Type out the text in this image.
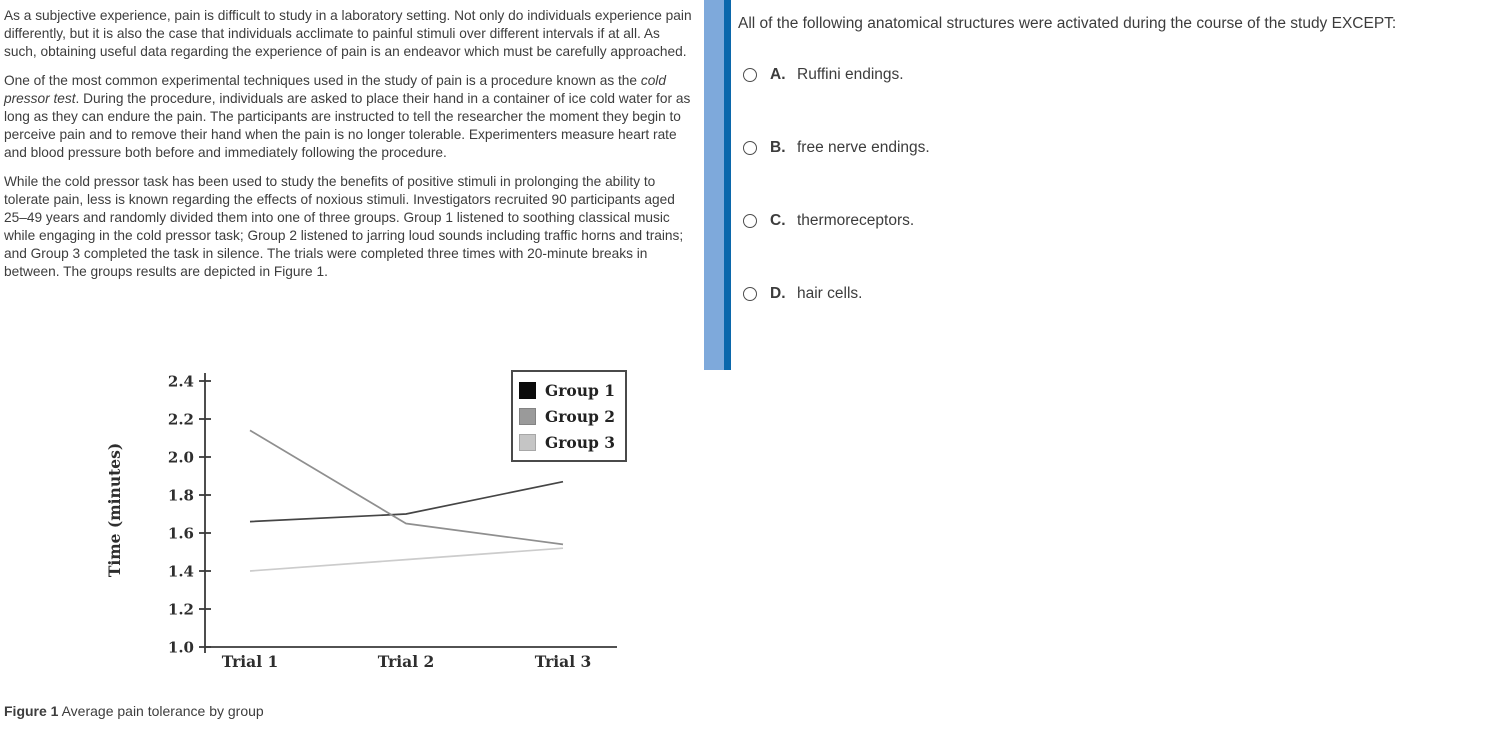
As a subjective experience, pain is difficult to study in a laboratory setting. Not only do individuals experience pain differently, but it is also the case that individuals acclimate to painful stimuli over different intervals if at all. As such, obtaining useful data regarding the experience of pain is an endeavor which must be carefully approached.

One of the most common experimental techniques used in the study of pain is a procedure known as the cold pressor test. During the procedure, individuals are asked to place their hand in a container of ice cold water for as long as they can endure the pain. The participants are instructed to tell the researcher the moment they begin to perceive pain and to remove their hand when the pain is no longer tolerable. Experimenters measure heart rate and blood pressure both before and immediately following the procedure.

While the cold pressor task has been used to study the benefits of positive stimuli in prolonging the ability to tolerate pain, less is known regarding the effects of noxious stimuli. Investigators recruited 90 participants aged 25–49 years and randomly divided them into one of three groups. Group 1 listened to soothing classical music while engaging in the cold pressor task; Group 2 listened to jarring loud sounds including traffic horns and trains; and Group 3 completed the task in silence. The trials were completed three times with 20-minute breaks in between. The groups results are depicted in Figure 1.

1.0
1.2
1.4
1.6
1.8
2.0
2.2
2.4
Trial 1	Trial 2	Trial 3
Time (minutes)
Group 1
Group 2
Group 3

Figure 1 Average pain tolerance by group

All of the following anatomical structures were activated during the course of the study EXCEPT:
A. Ruffini endings.
B. free nerve endings.
C. thermoreceptors.
D. hair cells.
